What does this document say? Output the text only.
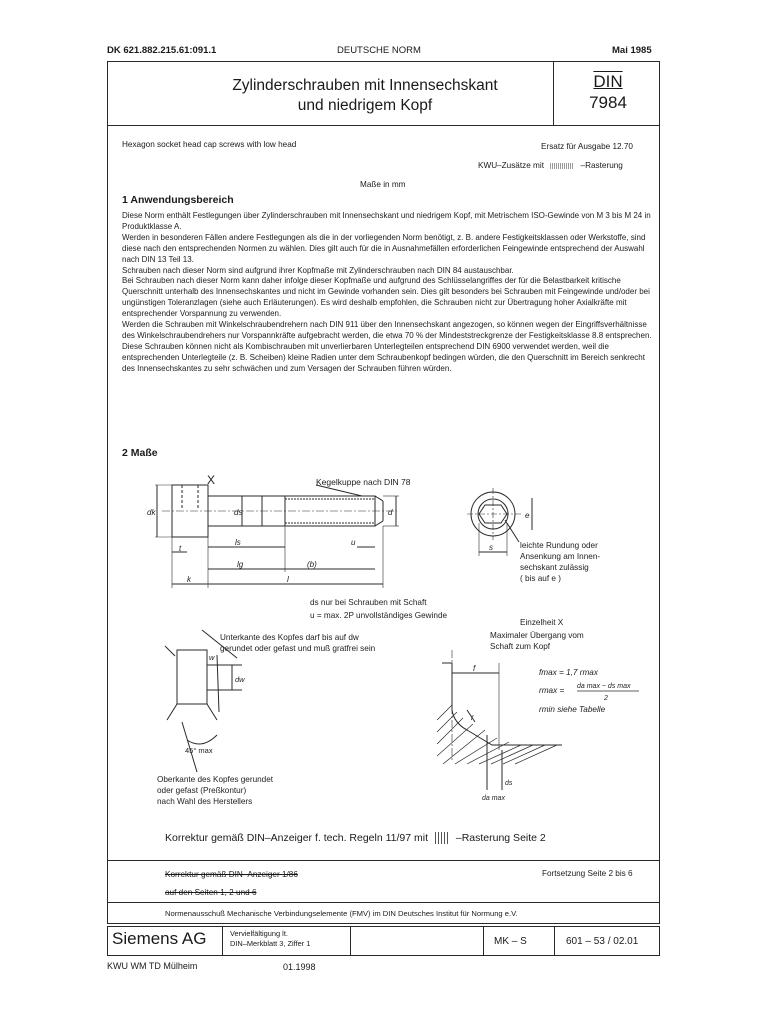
DK 621.882.215.61:091.1	DEUTSCHE NORM	Mai 1985
Zylinderschrauben mit Innensechskant
und niedrigem Kopf
DIN
7984
Hexagon socket head cap screws with low head	Ersatz für Ausgabe 12.70
KWU–Zusätze mit	–Rasterung
Maße in mm
1 Anwendungsbereich

Diese Norm enthält Festlegungen über Zylinderschrauben mit Innensechskant und niedrigem Kopf, mit Metrischem ISO-Gewinde von M 3 bis M 24 in Produktklasse A.

Werden in besonderen Fällen andere Festlegungen als die in der vorliegenden Norm benötigt, z. B. andere Festigkeitsklassen oder Werkstoffe, sind diese nach den entsprechenden Normen zu wählen. Dies gilt auch für die in Ausnahmefällen erforderlichen Feingewinde entsprechend der Auswahl nach DIN 13 Teil 13.

Schrauben nach dieser Norm sind aufgrund ihrer Kopfmaße mit Zylinderschrauben nach DIN 84 austauschbar.

Bei Schrauben nach dieser Norm kann daher infolge dieser Kopfmaße und aufgrund des Schlüsselangriffes der für die Belastbarkeit kritische Querschnitt unterhalb des Innensechskantes und nicht im Gewinde vorhanden sein. Dies gilt besonders bei Schrauben mit Feingewinde und/oder bei ungünstigen Toleranzlagen (siehe auch Erläuterungen). Es wird deshalb empfohlen, die Schrauben nicht zur Übertragung hoher Axialkräfte mit entsprechender Vorspannung zu verwenden.

Werden die Schrauben mit Winkelschraubendrehern nach DIN 911 über den Innensechskant angezogen, so können wegen der Eingriffsverhältnisse des Winkelschraubendrehers nur Vorspannkräfte aufgebracht werden, die etwa 70 % der Mindeststreckgrenze der Festigkeitsklasse 8.8 entsprechen.

Diese Schrauben können nicht als Kombischrauben mit unverlierbaren Unterlegteilen entsprechend DIN 6900 verwendet werden, weil die entsprechenden Unterlegteile (z. B. Scheiben) kleine Radien unter dem Schraubenkopf bedingen würden, die den Querschnitt im Bereich senkrecht des Innensechskantes zu sehr schwächen und zum Versagen der Schrauben führen würden.

2 Maße
X	Kegelkuppe nach DIN 78
dk	ds	d
t
ls	u
lg	(b)
l
k
e
s	leichte Rundung oder
Ansenkung am Innen-
sechskant zulässig
( bis auf e )
ds nur bei Schrauben mit Schaft
u = max. 2P unvollständiges Gewinde
Einzelheit X
Maximaler Übergang vom
Schaft zum Kopf
Unterkante des Kopfes darf bis auf dw
gerundet oder gefast und muß gratfrei sein
dw
w
45° max
Oberkante des Kopfes gerundet
oder gefast (Preßkontur)
nach Wahl des Herstellers
f
r
da max
ds
fmax = 1,7 rmax
rmax = da max − ds max
2
rmin siehe Tabelle
Korrektur gemäß DIN–Anzeiger f. tech. Regeln 11/97 mit	–Rasterung Seite 2
Korrektur gemäß DIN–Anzeiger 1/86
auf den Seiten 1, 2 und 6
Fortsetzung Seite 2 bis 6
Normenausschuß Mechanische Verbindungselemente (FMV) im DIN Deutsches Institut für Normung e.V.
Siemens AG	Vervielfältigung lt.
DIN–Merkblatt 3, Ziffer 1	MK – S	601 – 53 / 02.01
KWU WM TD Mülheim	01.1998
